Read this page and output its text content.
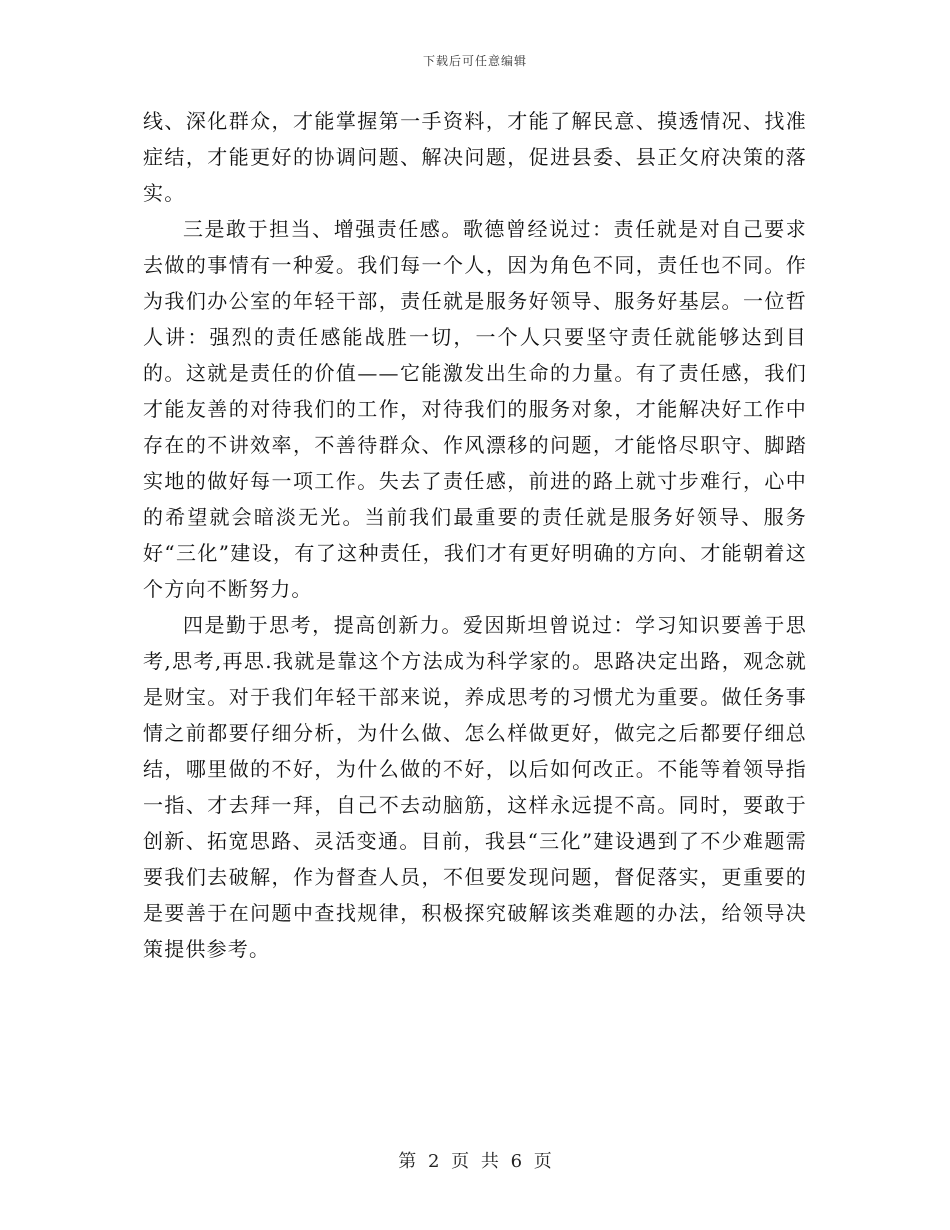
下载后可任意编辑

线、深化群众，才能掌握第一手资料，才能了解民意、摸透情况、找准症结，才能更好的协调问题、解决问题，促进县委、县正攵府决策的落实。

三是敢于担当、增强责任感。歌德曾经说过：责任就是对自己要求去做的事情有一种爱。我们每一个人，因为角色不同，责任也不同。作为我们办公室的年轻干部，责任就是服务好领导、服务好基层。一位哲人讲：强烈的责任感能战胜一切，一个人只要坚守责任就能够达到目的。这就是责任的价值——它能激发出生命的力量。有了责任感，我们才能友善的对待我们的工作，对待我们的服务对象，才能解决好工作中存在的不讲效率，不善待群众、作风漂移的问题，才能恪尽职守、脚踏实地的做好每一项工作。失去了责任感，前进的路上就寸步难行，心中的希望就会暗淡无光。当前我们最重要的责任就是服务好领导、服务好“三化”建设，有了这种责任，我们才有更好明确的方向、才能朝着这个方向不断努力。

四是勤于思考，提高创新力。爱因斯坦曾说过：学习知识要善于思考,思考,再思.我就是靠这个方法成为科学家的。思路决定出路，观念就是财宝。对于我们年轻干部来说，养成思考的习惯尤为重要。做任务事情之前都要仔细分析，为什么做、怎么样做更好，做完之后都要仔细总结，哪里做的不好，为什么做的不好，以后如何改正。不能等着领导指一指、才去拜一拜，自己不去动脑筋，这样永远提不高。同时，要敢于创新、拓宽思路、灵活变通。目前，我县“三化”建设遇到了不少难题需要我们去破解，作为督查人员，不但要发现问题，督促落实，更重要的是要善于在问题中查找规律，积极探究破解该类难题的办法，给领导决策提供参考。

第 2 页 共 6 页
